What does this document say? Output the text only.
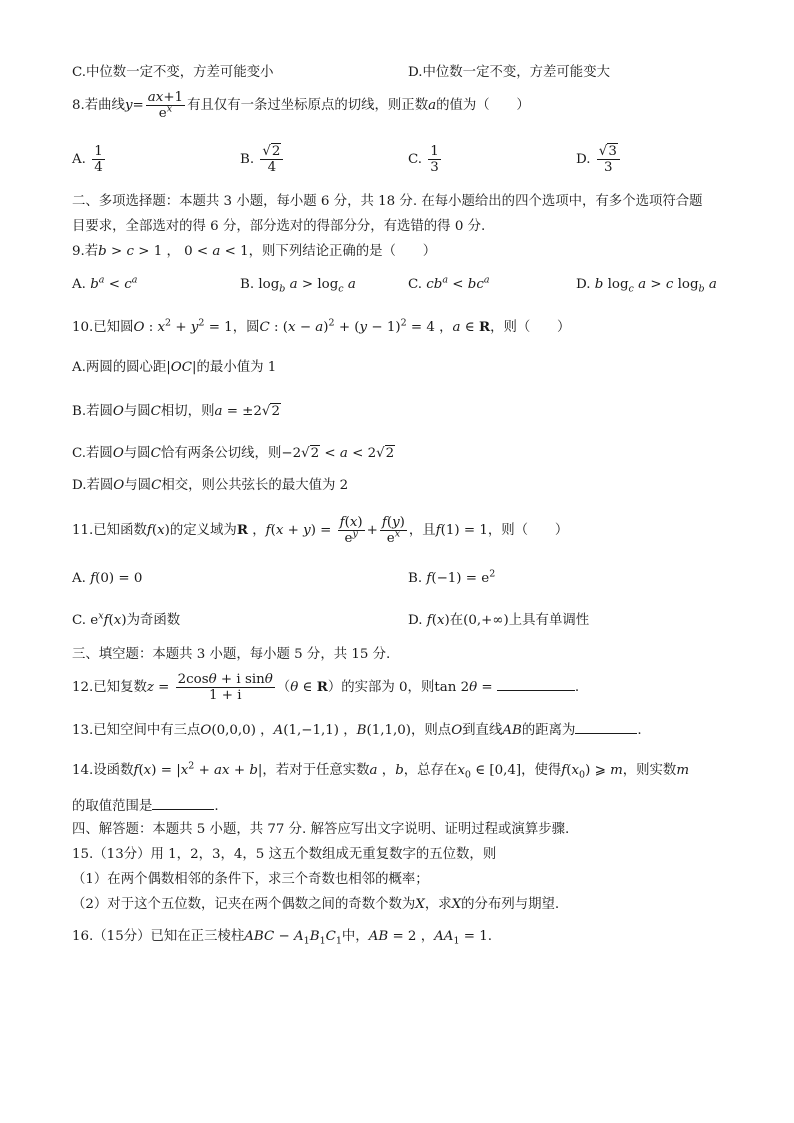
C.中位数一定不变，方差可能变小	D.中位数一定不变，方差可能变大
8.若曲线$y= \frac{ax+1}{e^x}$ 有且仅有一条过坐标原点的切线，则正数a的值为（　　）
A. $\frac{1}{4}$	B. $\frac{√2}{4}$	C. $\frac{1}{3}$	D. $\frac{√3}{3}$
二、多项选择题：本题共 3 小题，每小题 6 分，共 18 分. 在每小题给出的四个选项中，有多个选项符合题
目要求，全部选对的得 6 分，部分选对的得部分分，有选错的得 0 分.
9.若b > c > 1 ， 0 < a < 1，则下列结论正确的是（　　）
A. $b^a < c^a$	B. $\log_b a > \log_c a$	C. $cb^a < bc^a$	D. b $\log_c a > c$ $\log_b a$
10.已知圆O : $x^2 + y^2 = 1$，圆C : $(x - a)^2 + (y - 1)^2 = 4$ ，a ∈ R，则（　　）
A.两圆的圆心距|OC|的最小值为 1
B.若圆O与圆C相切，则a = ±2√2
C.若圆O与圆C恰有两条公切线，则−2√2 < a < 2√2
D.若圆O与圆C相交，则公共弦长的最大值为 2
11.已知函数f(x)的定义域为R ，$f(x + y) = \frac{f(x)}{e^y} + \frac{f(y)}{e^x}$ ，且f(1) = 1，则（　　）
A. f(0) = 0	B. $f(-1) = e^2$
C. $e^xf(x)$为奇函数	D. f(x)在(0,+∞)上具有单调性
三、填空题：本题共 3 小题，每小题 5 分，共 15 分.
12.已知复数$z = \frac{\text{2cosθ + i sinθ}}{1 + i} (\theta$ ∈ R）的实部为 0，则tan 2θ =	.
13.已知空间中有三点O(0,0,0) ，A(1,−1,1) ，B(1,1,0)，则点O到直线AB的距离为	.
14.设函数$f(x) = |x^2$ + ax + b|，若对于任意实数a ，b，总存在$x_0$ ∈ [0,4]，使得$f(x_0)$ ⩾ m，则实数m
的取值范围是	.
四、解答题：本题共 5 小题，共 77 分. 解答应写出文字说明、证明过程或演算步骤.
15.（13分）用 1，2，3，4，5 这五个数组成无重复数字的五位数，则
（1）在两个偶数相邻的条件下，求三个奇数也相邻的概率；
（2）对于这个五位数，记夹在两个偶数之间的奇数个数为X，求X的分布列与期望.
16.（15分）已知在正三棱柱ABC − $A_1B_1C_1$中，AB = 2 ，$AA_1 = 1$.
